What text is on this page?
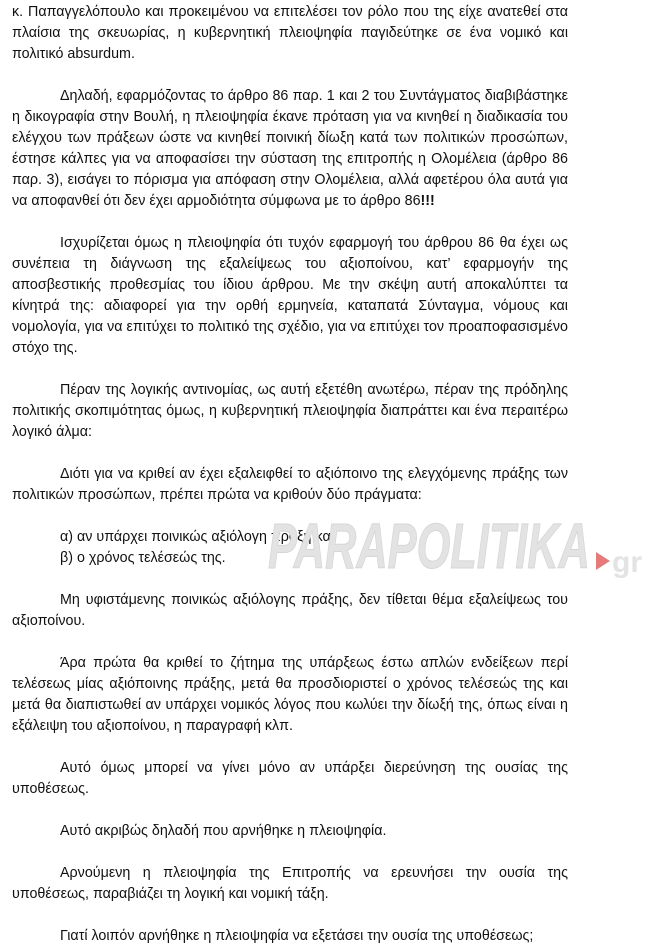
κ. Παπαγγελόπουλο και προκειμένου να επιτελέσει τον ρόλο που της είχε ανατεθεί στα πλαίσια της σκευωρίας, η κυβερνητική πλειοψηφία παγιδεύτηκε σε ένα νομικό και πολιτικό absurdum.

Δηλαδή, εφαρμόζοντας το άρθρο 86 παρ. 1 και 2 του Συντάγματος διαβιβάστηκε η δικογραφία στην Βουλή, η πλειοψηφία έκανε πρόταση για να κινηθεί η διαδικασία του ελέγχου των πράξεων ώστε να κινηθεί ποινική δίωξη κατά των πολιτικών προσώπων, έστησε κάλπες για να αποφασίσει την σύσταση της επιτροπής η Ολομέλεια (άρθρο 86 παρ. 3), εισάγει το πόρισμα για απόφαση στην Ολομέλεια, αλλά αφετέρου όλα αυτά για να αποφανθεί ότι δεν έχει αρμοδιότητα σύμφωνα με το άρθρο 86!!!

Ισχυρίζεται όμως η πλειοψηφία ότι τυχόν εφαρμογή του άρθρου 86 θα έχει ως συνέπεια τη διάγνωση της εξαλείψεως του αξιοποίνου, κατ’ εφαρμογήν της αποσβεστικής προθεσμίας του ίδιου άρθρου. Με την σκέψη αυτή αποκαλύπτει τα κίνητρά της: αδιαφορεί για την ορθή ερμηνεία, καταπατά Σύνταγμα, νόμους και νομολογία, για να επιτύχει το πολιτικό της σχέδιο, για να επιτύχει τον προαποφασισμένο στόχο της.

Πέραν της λογικής αντινομίας, ως αυτή εξετέθη ανωτέρω, πέραν της πρόδηλης πολιτικής σκοπιμότητας όμως, η κυβερνητική πλειοψηφία διαπράττει και ένα περαιτέρω λογικό άλμα:

Διότι για να κριθεί αν έχει εξαλειφθεί το αξιόποινο της ελεγχόμενης πράξης των πολιτικών προσώπων, πρέπει πρώτα να κριθούν δύο πράγματα:

α) αν υπάρχει ποινικώς αξιόλογη πράξη και

β) ο χρόνος τελέσεώς της.

Μη υφιστάμενης ποινικώς αξιόλογης πράξης, δεν τίθεται θέμα εξαλείψεως του αξιοποίνου.

Άρα πρώτα θα κριθεί το ζήτημα της υπάρξεως έστω απλών ενδείξεων περί τελέσεως μίας αξιόποινης πράξης, μετά θα προσδιοριστεί ο χρόνος τελέσεώς της και μετά θα διαπιστωθεί αν υπάρχει νομικός λόγος που κωλύει την δίωξή της, όπως είναι η εξάλειψη του αξιοποίνου, η παραγραφή κλπ.

Αυτό όμως μπορεί να γίνει μόνο αν υπάρξει διερεύνηση της ουσίας της υποθέσεως.

Αυτό ακριβώς δηλαδή που αρνήθηκε η πλειοψηφία.

Αρνούμενη η πλειοψηφία της Επιτροπής να ερευνήσει την ουσία της υποθέσεως, παραβιάζει τη λογική και νομική τάξη.

Γιατί λοιπόν αρνήθηκε η πλειοψηφία να εξετάσει την ουσία της υποθέσεως;

PARAPOLITIKA gr
